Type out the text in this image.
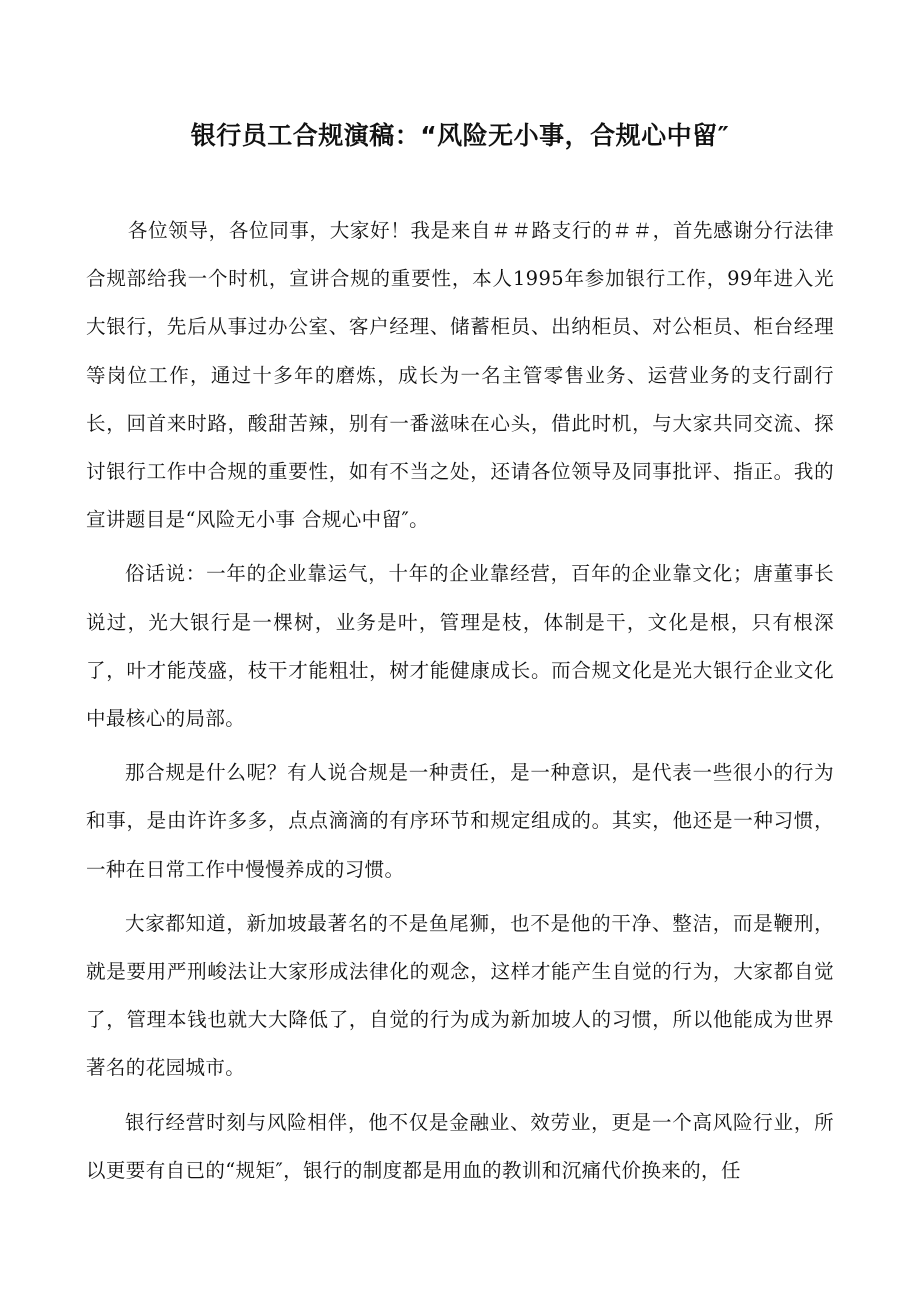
银行员工合规演稿：“风险无小事，合规心中留″

各位领导，各位同事，大家好！我是来自＃＃路支行的＃＃，首先感谢分行法律合规部给我一个时机，宣讲合规的重要性，本人1995年参加银行工作，99年进入光大银行，先后从事过办公室、客户经理、储蓄柜员、出纳柜员、对公柜员、柜台经理等岗位工作，通过十多年的磨炼，成长为一名主管零售业务、运营业务的支行副行长，回首来时路，酸甜苦辣，别有一番滋味在心头，借此时机，与大家共同交流、探讨银行工作中合规的重要性，如有不当之处，还请各位领导及同事批评、指正。我的宣讲题目是“风险无小事 合规心中留″。

俗话说：一年的企业靠运气，十年的企业靠经营，百年的企业靠文化；唐董事长说过，光大银行是一棵树，业务是叶，管理是枝，体制是干，文化是根，只有根深了，叶才能茂盛，枝干才能粗壮，树才能健康成长。而合规文化是光大银行企业文化中最核心的局部。

那合规是什么呢？有人说合规是一种责任，是一种意识，是代表一些很小的行为和事，是由许许多多，点点滴滴的有序环节和规定组成的。其实，他还是一种习惯，一种在日常工作中慢慢养成的习惯。

大家都知道，新加坡最著名的不是鱼尾狮，也不是他的干净、整洁，而是鞭刑，就是要用严刑峻法让大家形成法律化的观念，这样才能产生自觉的行为，大家都自觉了，管理本钱也就大大降低了，自觉的行为成为新加坡人的习惯，所以他能成为世界著名的花园城市。

银行经营时刻与风险相伴，他不仅是金融业、效劳业，更是一个高风险行业，所以更要有自已的“规矩″，银行的制度都是用血的教训和沉痛代价换来的，任
